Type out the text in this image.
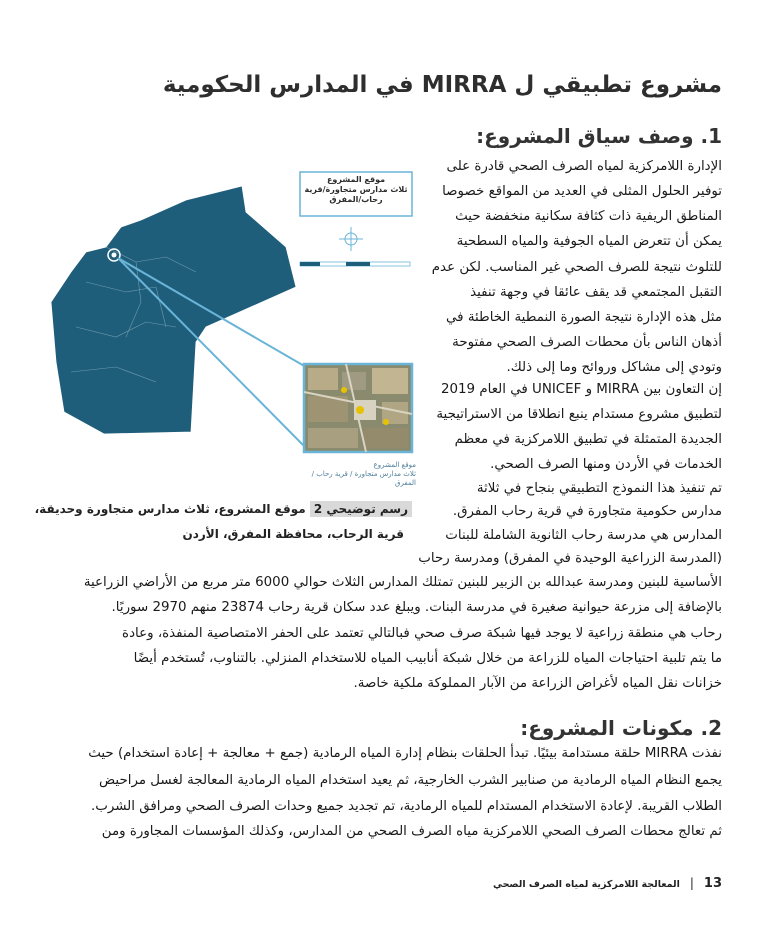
مشروع تطبيقي ل MIRRA في المدارس الحكومية
1. وصف سياق المشروع:
الإدارة اللامركزية لمياه الصرف الصحي قادرة على
توفير الحلول المثلى في العديد من المواقع خصوصا
المناطق الريفية ذات كثافة سكانية منخفضة حيث
يمكن أن تتعرض المياه الجوفية والمياه السطحية
للتلوث نتيجة للصرف الصحي غير المناسب. لكن عدم
التقبل المجتمعي قد يقف عائقا في وجهة تنفيذ
مثل هذه الإدارة نتيجة الصورة النمطية الخاطئة في
أذهان الناس بأن محطات الصرف الصحي مفتوحة
وتودي إلى مشاكل وروائح وما إلى ذلك.
إن التعاون بين MIRRA و UNICEF في العام 2019
لتطبيق مشروع مستدام ينبع انطلاقا من الاستراتيجية
الجديدة المتمثلة في تطبيق اللامركزية في معظم
الخدمات في الأردن ومنها الصرف الصحي.
تم تنفيذ هذا النموذج التطبيقي بنجاح في ثلاثة
مدارس حكومية متجاورة في قرية رحاب المفرق.
المدارس هي مدرسة رحاب الثانوية الشاملة للبنات
(المدرسة الزراعية الوحيدة في المفرق) ومدرسة رحاب
الأساسية للبنين ومدرسة عبدالله بن الزبير للبنين تمتلك المدارس الثلاث حوالي 6000 متر مربع من الأراضي الزراعية
بالإضافة إلى مزرعة حيوانية صغيرة في مدرسة البنات. ويبلغ عدد سكان قرية رحاب 23874 منهم 2970 سوريًا.
رحاب هي منطقة زراعية لا يوجد فيها شبكة صرف صحي فبالتالي تعتمد على الحفر الامتصاصية المنفذة، وعادة
ما يتم تلبية احتياجات المياه للزراعة من خلال شبكة أنابيب المياه للاستخدام المنزلي. بالتناوب، تُستخدم أيضًا
خزانات نقل المياه لأغراض الزراعة من الآبار المملوكة ملكية خاصة.
موقع المشروع
ثلاث مدارس متجاورة/قرية
رحاب/المفرق
موقع المشروع
ثلاث مدارس متجاورة / قرية رحاب / المفرق
رسم توضيحي 2 موقع المشروع، ثلاث مدارس متجاورة وحديقة،
قرية الرحاب، محافظة المفرق، الأردن
2. مكونات المشروع:
نفذت MIRRA حلقة مستدامة بيئيًا. تبدأ الحلقات بنظام إدارة المياه الرمادية (جمع + معالجة + إعادة استخدام) حيث
يجمع النظام المياه الرمادية من صنابير الشرب الخارجية، ثم يعيد استخدام المياه الرمادية المعالجة لغسل مراحيض
الطلاب القريبة. لإعادة الاستخدام المستدام للمياه الرمادية، تم تجديد جميع وحدات الصرف الصحي ومرافق الشرب.
ثم تعالج محطات الصرف الصحي اللامركزية مياه الصرف الصحي من المدارس، وكذلك المؤسسات المجاورة ومن
13|المعالجة اللامركزية لمياه الصرف الصحي
